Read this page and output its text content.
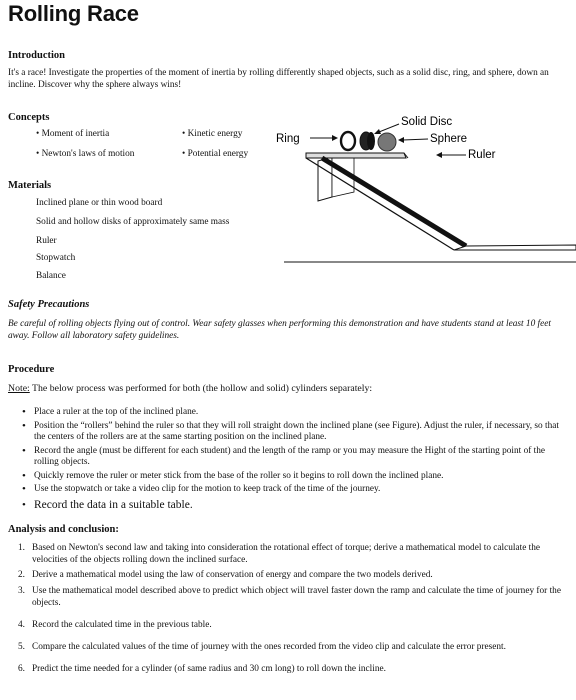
Rolling Race
Introduction
It's a race! Investigate the properties of the moment of inertia by rolling differently shaped objects, such as a solid disc, ring, and sphere, down an incline. Discover why the sphere always wins!
Concepts
• Moment of inertia	• Kinetic energy
• Newton's laws of motion	• Potential energy
Ring
Solid Disc
Sphere
Ruler
Materials
Inclined plane or thin wood board
Solid and hollow disks of approximately same mass
Ruler
Stopwatch
Balance
Safety Precautions
Be careful of rolling objects flying out of control. Wear safety glasses when performing this demonstration and have students stand at least 10 feet away. Follow all laboratory safety guidelines.
Procedure
Note: The below process was performed for both (the hollow and solid) cylinders separately:
• Place a ruler at the top of the inclined plane.
• Position the “rollers” behind the ruler so that they will roll straight down the inclined plane (see Figure). Adjust the ruler, if necessary, so that the centers of the rollers are at the same starting position on the inclined plane.
• Record the angle (must be different for each student) and the length of the ramp or you may measure the Hight of the starting point of the rolling objects.
• Quickly remove the ruler or meter stick from the base of the roller so it begins to roll down the inclined plane.
• Use the stopwatch or take a video clip for the motion to keep track of the time of the journey.
• Record the data in a suitable table.
Analysis and conclusion:
1. Based on Newton's second law and taking into consideration the rotational effect of torque; derive a mathematical model to calculate the velocities of the objects rolling down the inclined surface.
2. Derive a mathematical model using the law of conservation of energy and compare the two models derived.
3. Use the mathematical model described above to predict which object will travel faster down the ramp and calculate the time of journey for the objects.
4. Record the calculated time in the previous table.
5. Compare the calculated values of the time of journey with the ones recorded from the video clip and calculate the error present.
6. Predict the time needed for a cylinder (of same radius and 30 cm long) to roll down the incline.
